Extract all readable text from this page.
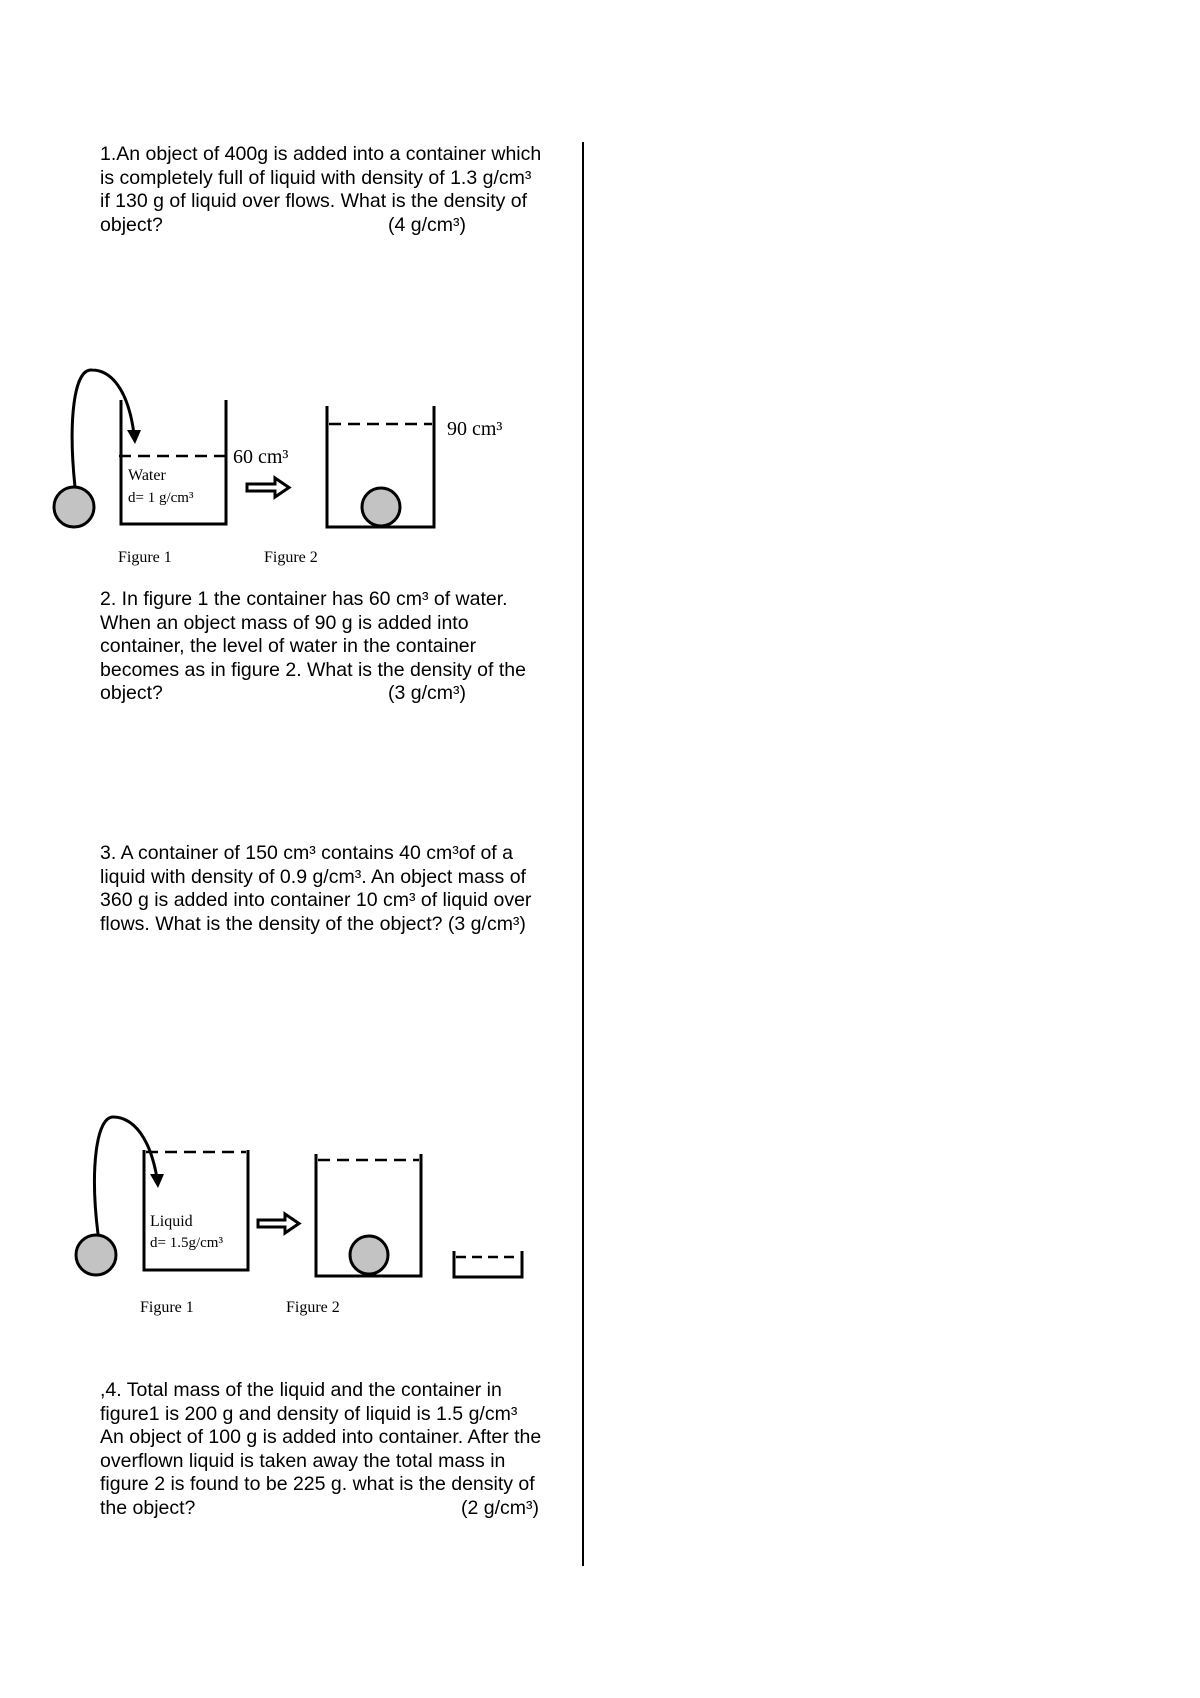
1.An object of 400g is added into a container which
is completely full of liquid with density of 1.3 g/cm³
if 130 g of liquid over flows. What is the density of
object?	(4 g/cm³)
Water
d= 1 g/cm³
60 cm³
90 cm³
Figure 1	Figure 2
2. In figure 1 the container has 60 cm³ of water.
When an object mass of 90 g is added into
container, the level of water in the container
becomes as in figure 2. What is the density of the
object?	(3 g/cm³)
3. A container of 150 cm³ contains 40 cm³of of a
liquid with density of 0.9 g/cm³. An object mass of
360 g is added into container 10 cm³ of liquid over
flows. What is the density of the object? (3 g/cm³)
Liquid
d= 1.5g/cm³
Figure 1	Figure 2
,4. Total mass of the liquid and the container in
figure1 is 200 g and density of liquid is 1.5 g/cm³
An object of 100 g is added into container. After the
overflown liquid is taken away the total mass in
figure 2 is found to be 225 g. what is the density of
the object?	(2 g/cm³)
